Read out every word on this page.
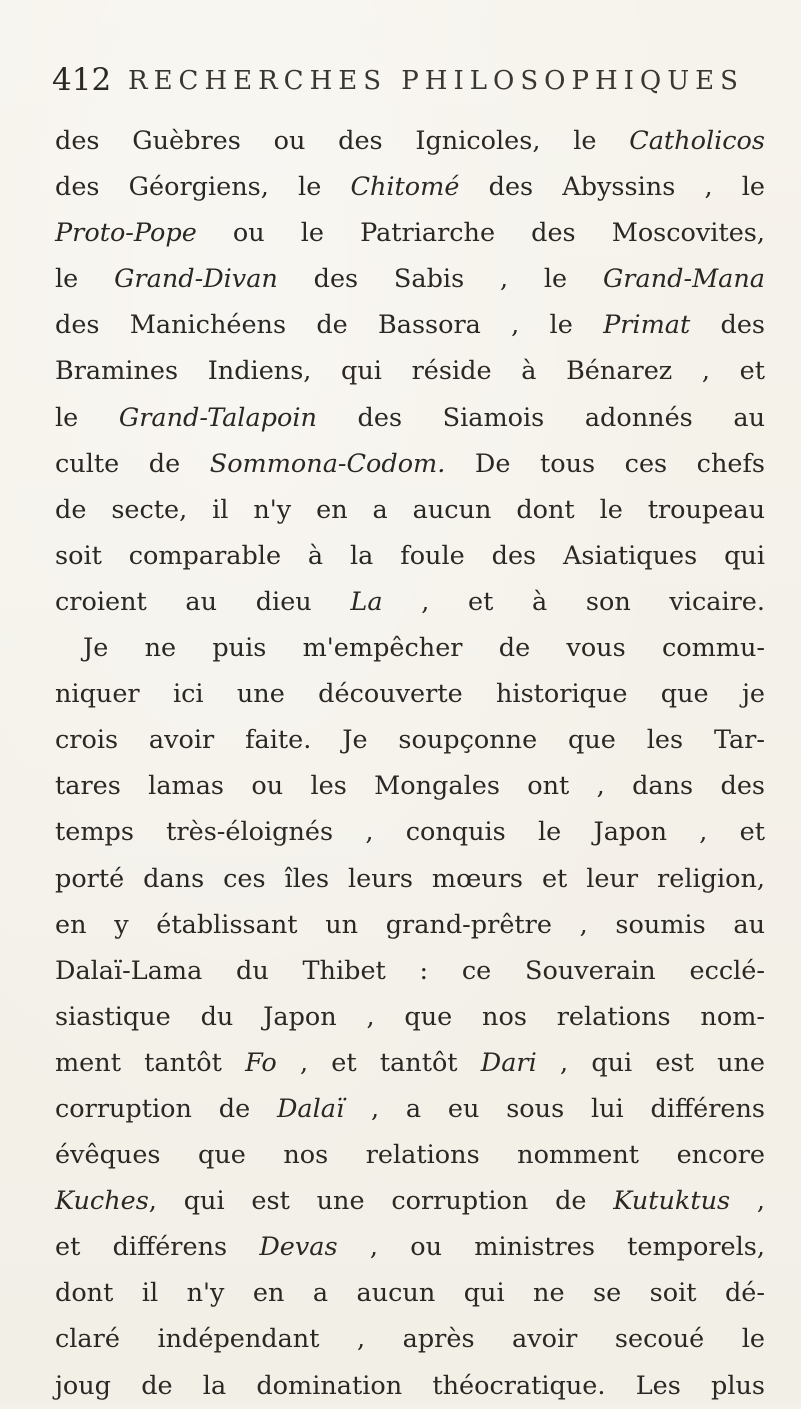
412 RECHERCHES PHILOSOPHIQUES
des Guèbres ou des Ignicoles, le Catholicos
des Géorgiens, le Chitomé des Abyssins , le
Proto-Pope ou le Patriarche des Moscovites,
le Grand-Divan des Sabis , le Grand-Mana
des Manichéens de Bassora , le Primat des
Bramines Indiens, qui réside à Bénarez , et
le Grand-Talapoin des Siamois adonnés au
culte de Sommona-Codom. De tous ces chefs
de secte, il n'y en a aucun dont le troupeau
soit comparable à la foule des Asiatiques qui
croient au dieu La , et à son vicaire.
Je ne puis m'empêcher de vous commu-
niquer ici une découverte historique que je
crois avoir faite. Je soupçonne que les Tar-
tares lamas ou les Mongales ont , dans des
temps très-éloignés , conquis le Japon , et
porté dans ces îles leurs mœurs et leur religion,
en y établissant un grand-prêtre , soumis au
Dalaï-Lama du Thibet : ce Souverain ecclé-
siastique du Japon , que nos relations nom-
ment tantôt Fo , et tantôt Dari , qui est une
corruption de Dalaï , a eu sous lui différens
évêques que nos relations nomment encore
Kuches, qui est une corruption de Kutuktus ,
et différens Devas , ou ministres temporels,
dont il n'y en a aucun qui ne se soit dé-
claré indépendant , après avoir secoué le
joug de la domination théocratique. Les plus
